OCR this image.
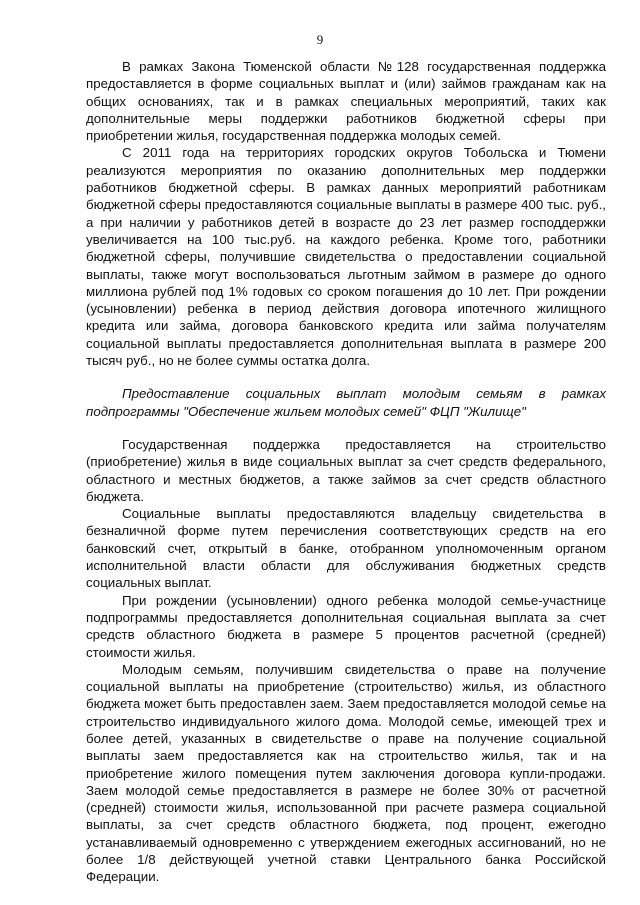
9

В рамках Закона Тюменской области №128 государственная поддержка предоставляется в форме социальных выплат и (или) займов гражданам как на общих основаниях, так и в рамках специальных мероприятий, таких как дополнительные меры поддержки работников бюджетной сферы при приобретении жилья, государственная поддержка молодых семей.

С 2011 года на территориях городских округов Тобольска и Тюмени реализуются мероприятия по оказанию дополнительных мер поддержки работников бюджетной сферы. В рамках данных мероприятий работникам бюджетной сферы предоставляются социальные выплаты в размере 400 тыс. руб., а при наличии у работников детей в возрасте до 23 лет размер господдержки увеличивается на 100 тыс.руб. на каждого ребенка. Кроме того, работники бюджетной сферы, получившие свидетельства о предоставлении социальной выплаты, также могут воспользоваться льготным займом в размере до одного миллиона рублей под 1% годовых со сроком погашения до 10 лет. При рождении (усыновлении) ребенка в период действия договора ипотечного жилищного кредита или займа, договора банковского кредита или займа получателям социальной выплаты предоставляется дополнительная выплата в размере 200 тысяч руб., но не более суммы остатка долга.

Предоставление социальных выплат молодым семьям в рамках подпрограммы "Обеспечение жильем молодых семей" ФЦП "Жилище"

Государственная поддержка предоставляется на строительство (приобретение) жилья в виде социальных выплат за счет средств федерального, областного и местных бюджетов, а также займов за счет средств областного бюджета.

Социальные выплаты предоставляются владельцу свидетельства в безналичной форме путем перечисления соответствующих средств на его банковский счет, открытый в банке, отобранном уполномоченным органом исполнительной власти области для обслуживания бюджетных средств социальных выплат.

При рождении (усыновлении) одного ребенка молодой семье-участнице подпрограммы предоставляется дополнительная социальная выплата за счет средств областного бюджета в размере 5 процентов расчетной (средней) стоимости жилья.

Молодым семьям, получившим свидетельства о праве на получение социальной выплаты на приобретение (строительство) жилья, из областного бюджета может быть предоставлен заем. Заем предоставляется молодой семье на строительство индивидуального жилого дома. Молодой семье, имеющей трех и более детей, указанных в свидетельстве о праве на получение социальной выплаты заем предоставляется как на строительство жилья, так и на приобретение жилого помещения путем заключения договора купли-продажи. Заем молодой семье предоставляется в размере не более 30% от расчетной (средней) стоимости жилья, использованной при расчете размера социальной выплаты, за счет средств областного бюджета, под процент, ежегодно устанавливаемый одновременно с утверждением ежегодных ассигнований, но не более 1/8 действующей учетной ставки Центрального банка Российской Федерации.
